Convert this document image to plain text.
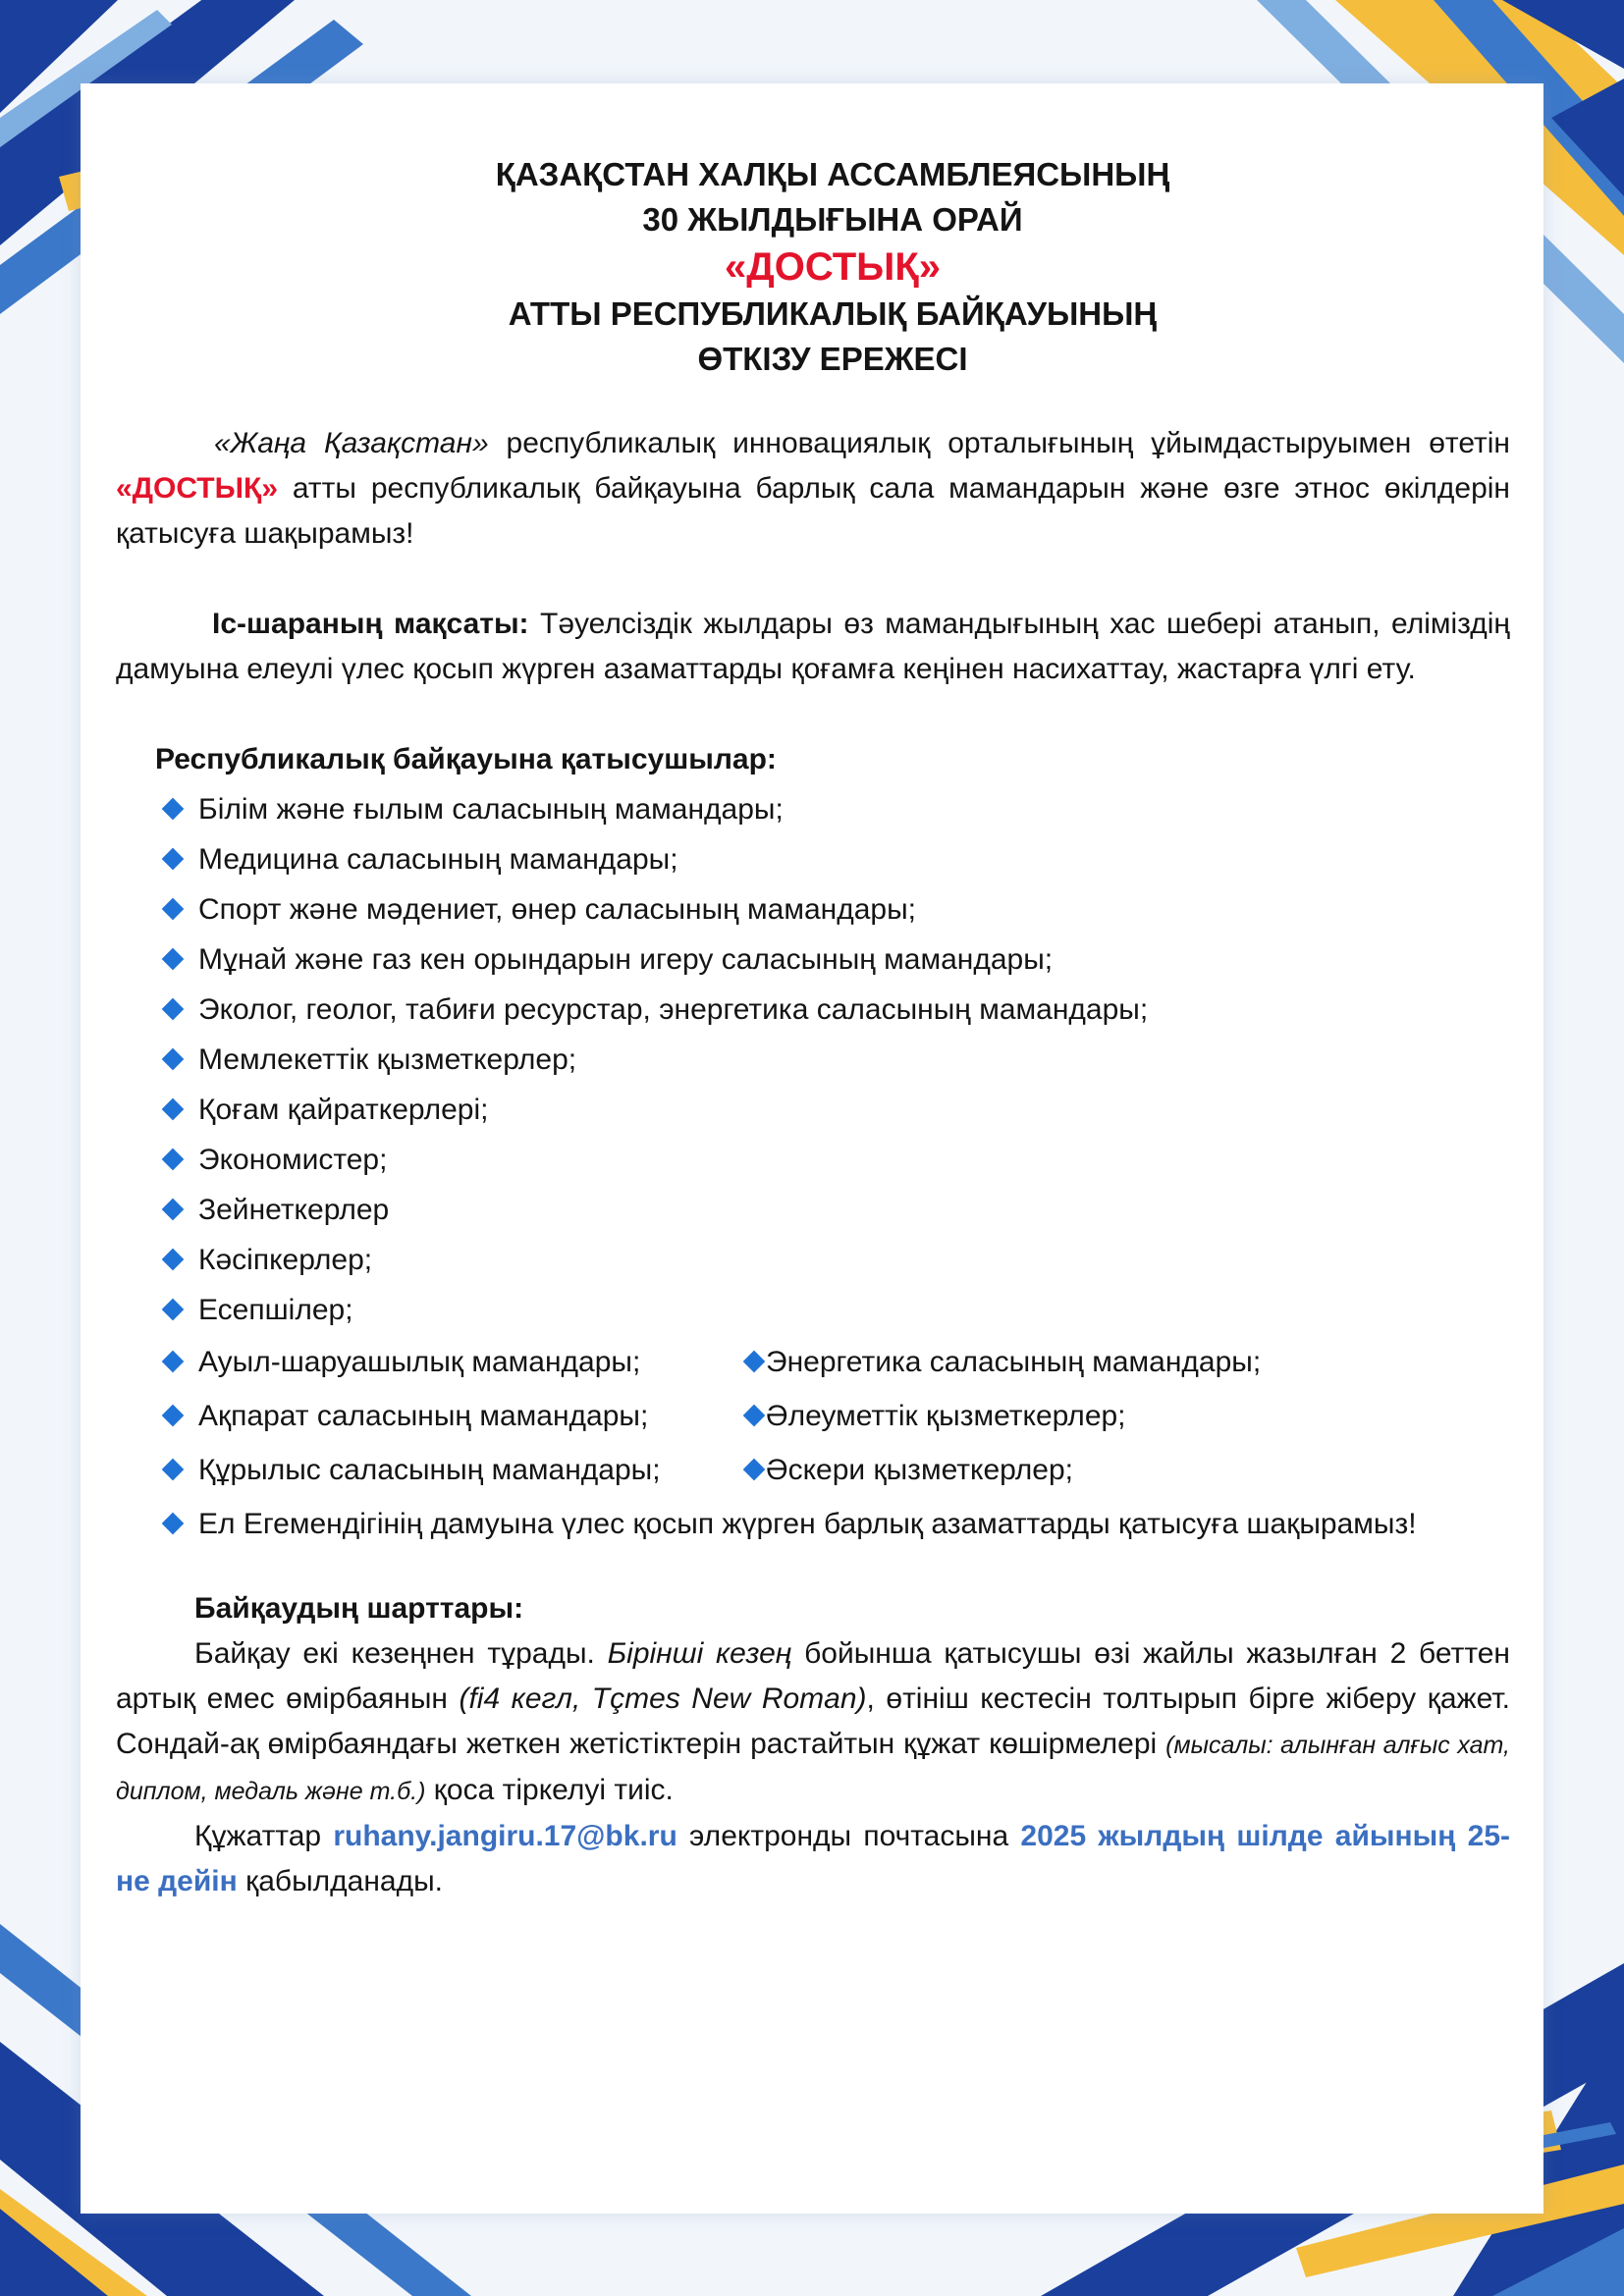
ҚАЗАҚСТАН ХАЛҚЫ АССАМБЛЕЯСЫНЫҢ
30 ЖЫЛДЫҒЫНА ОРАЙ
«ДОСТЫҚ»
АТТЫ РЕСПУБЛИКАЛЫҚ БАЙҚАУЫНЫҢ
ӨТКІЗУ ЕРЕЖЕСІ

«Жаңа Қазақстан» республикалық инновациялық орталығының ұйымдастыруымен өтетін «ДОСТЫҚ» атты республикалық байқауына барлық сала мамандарын және өзге этнос өкілдерін қатысуға шақырамыз!

Іс-шараның мақсаты: Тәуелсіздік жылдары өз мамандығының хас шебері атанып, еліміздің дамуына елеулі үлес қосып жүрген азаматтарды қоғамға кеңінен насихаттау, жастарға үлгі ету.

Республикалық байқауына қатысушылар:
Білім және ғылым саласының мамандары;
Медицина саласының мамандары;
Спорт және мәдениет, өнер саласының мамандары;
Мұнай және газ кен орындарын игеру саласының мамандары;
Эколог, геолог, табиғи ресурстар, энергетика саласының мамандары;
Мемлекеттік қызметкерлер;
Қоғам қайраткерлері;
Экономистер;
Зейнеткерлер
Кәсіпкерлер;
Есепшілер;
Ауыл-шаруашылық мамандары;	Энергетика саласының мамандары;
Ақпарат саласының мамандары;	Әлеуметтік қызметкерлер;
Құрылыс саласының мамандары;	Әскери қызметкерлер;
Ел Егемендігінің дамуына үлес қосып жүрген барлық азаматтарды қатысуға шақырамыз!
Байқаудың шарттары:

Байқау екі кезеңнен тұрады. Бірінші кезең бойынша қатысушы өзі жайлы жазылған 2 беттен артық емес өмірбаянын (fi4 кегл, Tçmes New Roman), өтініш кестесін толтырып бірге жіберу қажет. Сондай-ақ өмірбаяндағы жеткен жетістіктерін растайтын құжат көшірмелері (мысалы: алынған алғыс хат, диплом, медаль және т.б.) қоса тіркелуі тиіс.

Құжаттар ruhany.jangiru.17@bk.ru электронды почтасына 2025 жылдың шілде айының 25-не дейін қабылданады.
